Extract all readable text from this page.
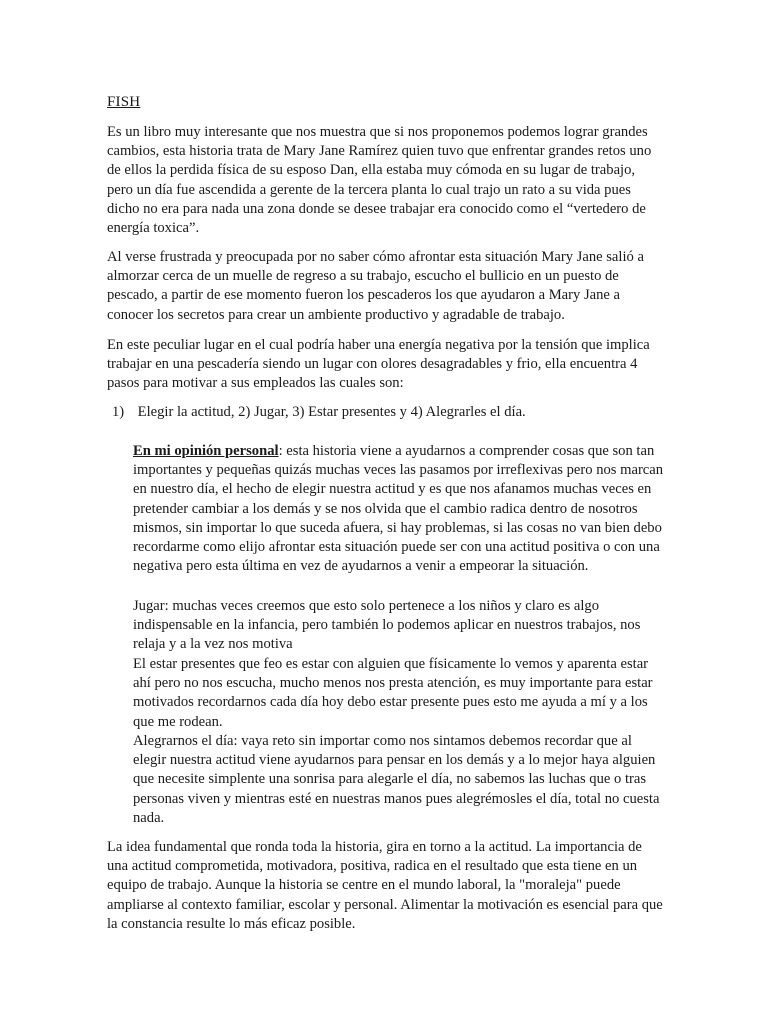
FISH

Es un libro muy interesante que nos muestra que si nos proponemos podemos lograr grandes cambios, esta historia trata de Mary Jane Ramírez quien tuvo que enfrentar grandes retos uno de ellos la perdida física de su esposo Dan, ella estaba muy cómoda en su lugar de trabajo, pero un día fue ascendida a gerente de la tercera planta lo cual trajo un rato a su vida pues dicho no era para nada una zona donde se desee trabajar era conocido como el “vertedero de energía toxica”.

Al verse frustrada y preocupada por no saber cómo afrontar esta situación Mary Jane salió a almorzar cerca de un muelle de regreso a su trabajo, escucho el bullicio en un puesto de pescado, a partir de ese momento fueron los pescaderos los que ayudaron a Mary Jane a conocer los secretos para crear un ambiente productivo y agradable de trabajo.

En este peculiar lugar en el cual podría haber una energía negativa por la tensión que implica trabajar en una pescadería siendo un lugar con olores desagradables y frio, ella encuentra 4 pasos para motivar a sus empleados las cuales son:

1) Elegir la actitud, 2) Jugar, 3) Estar presentes y 4) Alegrarles el día.

En mi opinión personal: esta historia viene a ayudarnos a comprender cosas que son tan importantes y pequeñas quizás muchas veces las pasamos por irreflexivas pero nos marcan en nuestro día, el hecho de elegir nuestra actitud y es que nos afanamos muchas veces en pretender cambiar a los demás y se nos olvida que el cambio radica dentro de nosotros mismos, sin importar lo que suceda afuera, si hay problemas, si las cosas no van bien debo recordarme como elijo afrontar esta situación puede ser con una actitud positiva o con una negativa pero esta última en vez de ayudarnos a venir a empeorar la situación.

Jugar: muchas veces creemos que esto solo pertenece a los niños y claro es algo indispensable en la infancia, pero también lo podemos aplicar en nuestros trabajos, nos relaja y a la vez nos motiva

El estar presentes que feo es estar con alguien que físicamente lo vemos y aparenta estar ahí pero no nos escucha, mucho menos nos presta atención, es muy importante para estar motivados recordarnos cada día hoy debo estar presente pues esto me ayuda a mí y a los que me rodean.

Alegrarnos el día: vaya reto sin importar como nos sintamos debemos recordar que al elegir nuestra actitud viene ayudarnos para pensar en los demás y a lo mejor haya alguien que necesite simplente una sonrisa para alegarle el día, no sabemos las luchas que o tras personas viven y mientras esté en nuestras manos pues alegrémosles el día, total no cuesta nada.

La idea fundamental que ronda toda la historia, gira en torno a la actitud. La importancia de una actitud comprometida, motivadora, positiva, radica en el resultado que esta tiene en un equipo de trabajo. Aunque la historia se centre en el mundo laboral, la "moraleja" puede ampliarse al contexto familiar, escolar y personal. Alimentar la motivación es esencial para que la constancia resulte lo más eficaz posible.
